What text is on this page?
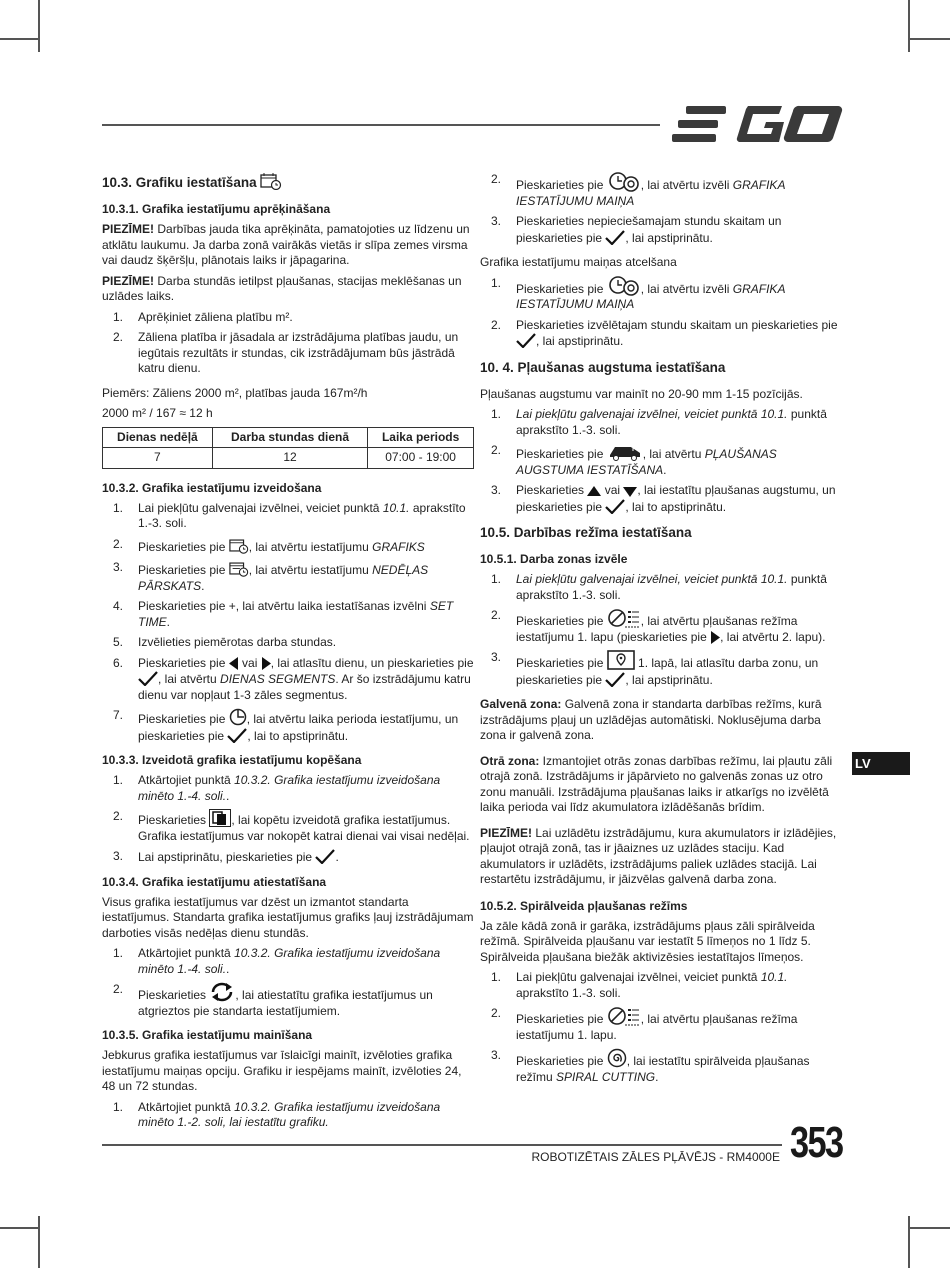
10.3. Grafiku iestatīšana
10.3.1. Grafika iestatījumu aprēķināšana

PIEZĪME! Darbības jauda tika aprēķināta, pamatojoties uz līdzenu un atklātu laukumu. Ja darba zonā vairākās vietās ir slīpa zemes virsma vai daudz šķēršļu, plānotais laiks ir jāpagarina.

PIEZĪME! Darba stundās ietilpst pļaušanas, stacijas meklēšanas un uzlādes laiks.

1. Aprēķiniet zāliena platību m².
2. Zāliena platība ir jāsadala ar izstrādājuma platības jaudu, un iegūtais rezultāts ir stundas, cik izstrādājumam būs jāstrādā katru dienu.

Piemērs: Zāliens 2000 m², platības jauda 167m²/h

2000 m² / 167 ≈ 12 h

Dienas nedēļā	Darba stundas dienā	Laika periods
7	12	07:00 - 19:00
10.3.2. Grafika iestatījumu izveidošana
1. Lai piekļūtu galvenajai izvēlnei, veiciet punktā 10.1. aprakstīto 1.-3. soli.
2. Pieskarieties pie , lai atvērtu iestatījumu GRAFIKS
3. Pieskarieties pie , lai atvērtu iestatījumu NEDĒĻAS PĀRSKATS.
4. Pieskarieties pie +, lai atvērtu laika iestatīšanas izvēlni SET TIME.
5. Izvēlieties piemērotas darba stundas.
6. Pieskarieties pie  vai , lai atlasītu dienu, un pieskarieties pie , lai atvērtu DIENAS SEGMENTS. Ar šo izstrādājumu katru dienu var nopļaut 1-3 zāles segmentus.
7. Pieskarieties pie , lai atvērtu laika perioda iestatījumu, un pieskarieties pie , lai to apstiprinātu.
10.3.3. Izveidotā grafika iestatījumu kopēšana
1. Atkārtojiet punktā 10.3.2. Grafika iestatījumu izveidošana minēto 1.-4. soli..
2. Pieskarieties , lai kopētu izveidotā grafika iestatījumus. Grafika iestatījumus var nokopēt katrai dienai vai visai nedēļai.
3. Lai apstiprinātu, pieskarieties pie .
10.3.4. Grafika iestatījumu atiestatīšana

Visus grafika iestatījumus var dzēst un izmantot standarta iestatījumus. Standarta grafika iestatījumus grafiks ļauj izstrādājumam darboties visās nedēļas dienu stundās.

1. Atkārtojiet punktā 10.3.2. Grafika iestatījumu izveidošana minēto 1.-4. soli..
2. Pieskarieties , lai atiestatītu grafika iestatījumus un atgrieztos pie standarta iestatījumiem.
10.3.5. Grafika iestatījumu mainīšana

Jebkurus grafika iestatījumus var īslaicīgi mainīt, izvēloties grafika iestatījumu maiņas opciju. Grafiku ir iespējams mainīt, izvēloties 24, 48 un 72 stundas.

1. Atkārtojiet punktā 10.3.2. Grafika iestatījumu izveidošana minēto 1.-2. soli, lai iestatītu grafiku.
2. Pieskarieties pie	, lai atvērtu izvēli GRAFIKA IESTATĪJUMU MAIŅA
3. Pieskarieties nepieciešamajam stundu skaitam un pieskarieties pie , lai apstiprinātu.

Grafika iestatījumu maiņas atcelšana

1. Pieskarieties pie	, lai atvērtu izvēli GRAFIKA IESTATĪJUMU MAIŅA
2. Pieskarieties izvēlētajam stundu skaitam un pieskarieties pie , lai apstiprinātu.
10. 4. Pļaušanas augstuma iestatīšana

Pļaušanas augstumu var mainīt no 20-90 mm 1-15 pozīcijās.

1. Lai piekļūtu galvenajai izvēlnei, veiciet punktā 10.1. punktā aprakstīto 1.-3. soli.
2. Pieskarieties pie	, lai atvērtu PĻAUŠANAS AUGSTUMA IESTATĪŠANA.
3. Pieskarieties  vai , lai iestatītu pļaušanas augstumu, un pieskarieties pie , lai to apstiprinātu.
10.5. Darbības režīma iestatīšana
10.5.1. Darba zonas izvēle
1. Lai piekļūtu galvenajai izvēlnei, veiciet punktā 10.1. punktā aprakstīto 1.-3. soli.
2. Pieskarieties pie	, lai atvērtu pļaušanas režīma iestatījumu 1. lapu (pieskarieties pie , lai atvērtu 2. lapu).
3. Pieskarieties pie  1. lapā, lai atlasītu darba zonu, un pieskarieties pie , lai apstiprinātu.

Galvenā zona: Galvenā zona ir standarta darbības režīms, kurā izstrādājums pļauj un uzlādējas automātiski. Noklusējuma darba zona ir galvenā zona.

Otrā zona: Izmantojiet otrās zonas darbības režīmu, lai pļautu zāli otrajā zonā. Izstrādājums ir jāpārvieto no galvenās zonas uz otro zonu manuāli. Izstrādājuma pļaušanas laiks ir atkarīgs no izvēlētā laika perioda vai līdz akumulatora izlādēšanās brīdim.

PIEZĪME! Lai uzlādētu izstrādājumu, kura akumulators ir izlādējies, pļaujot otrajā zonā, tas ir jāaiznes uz uzlādes staciju. Kad akumulators ir uzlādēts, izstrādājums paliek uzlādes stacijā. Lai restartētu izstrādājumu, ir jāizvēlas galvenā darba zona.

10.5.2. Spirālveida pļaušanas režīms

Ja zāle kādā zonā ir garāka, izstrādājums pļaus zāli spirālveida režīmā. Spirālveida pļaušanu var iestatīt 5 līmeņos no 1 līdz 5. Spirālveida pļaušana biežāk aktivizēsies iestatītajos līmeņos.

1. Lai piekļūtu galvenajai izvēlnei, veiciet punktā 10.1. aprakstīto 1.-3. soli.
2. Pieskarieties pie	, lai atvērtu pļaušanas režīma iestatījumu 1. lapu.
3. Pieskarieties pie , lai iestatītu spirālveida pļaušanas režīmu SPIRAL CUTTING.
LV
ROBOTIZĒTAIS ZĀLES PĻĀVĒJS - RM4000E 353
